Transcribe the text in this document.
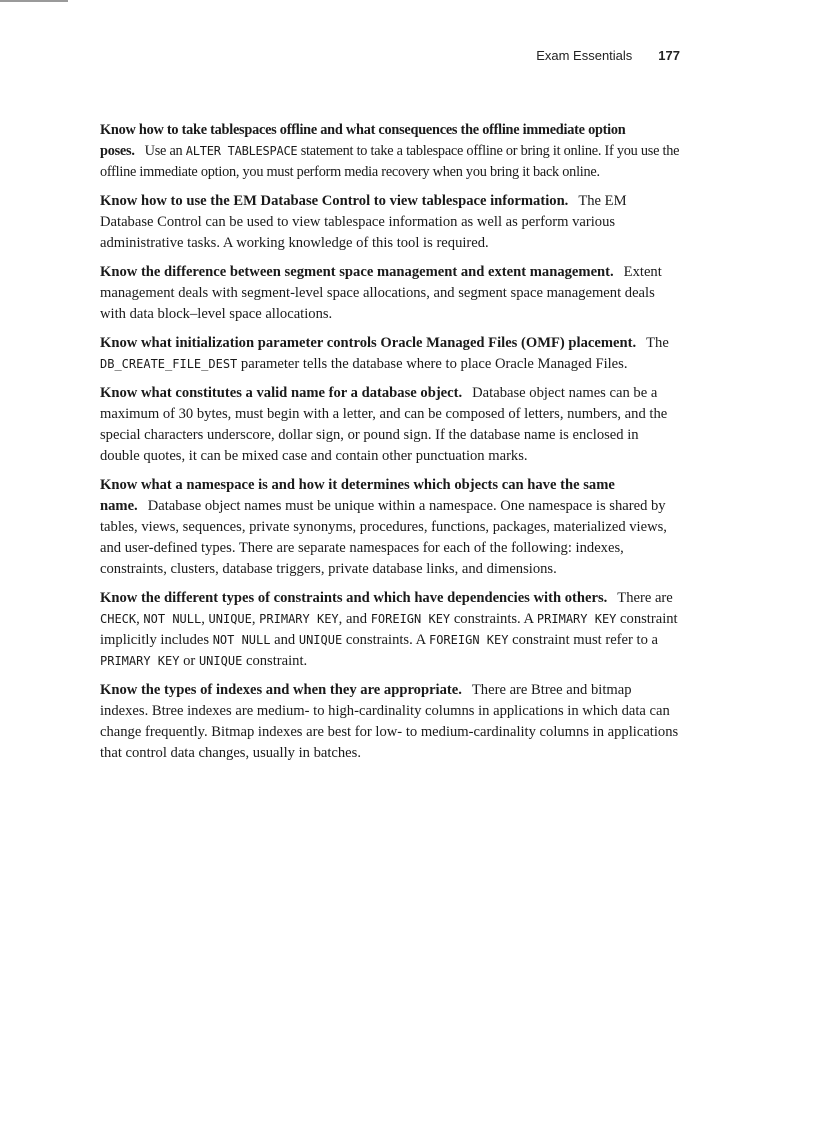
Exam Essentials 177

Know how to take tablespaces offline and what consequences the offline immediate option poses. Use an ALTER TABLESPACE statement to take a tablespace offline or bring it online. If you use the offline immediate option, you must perform media recovery when you bring it back online.

Know how to use the EM Database Control to view tablespace information. The EM Database Control can be used to view tablespace information as well as perform various administrative tasks. A working knowledge of this tool is required.

Know the difference between segment space management and extent management. Extent management deals with segment-level space allocations, and segment space management deals with data block–level space allocations.

Know what initialization parameter controls Oracle Managed Files (OMF) placement. The DB_CREATE_FILE_DEST parameter tells the database where to place Oracle Managed Files.

Know what constitutes a valid name for a database object. Database object names can be a maximum of 30 bytes, must begin with a letter, and can be composed of letters, numbers, and the special characters underscore, dollar sign, or pound sign. If the database name is enclosed in double quotes, it can be mixed case and contain other punctuation marks.

Know what a namespace is and how it determines which objects can have the same name. Database object names must be unique within a namespace. One namespace is shared by tables, views, sequences, private synonyms, procedures, functions, packages, materialized views, and user-defined types. There are separate namespaces for each of the following: indexes, constraints, clusters, database triggers, private database links, and dimensions.

Know the different types of constraints and which have dependencies with others. There are CHECK, NOT NULL, UNIQUE, PRIMARY KEY, and FOREIGN KEY constraints. A PRIMARY KEY constraint implicitly includes NOT NULL and UNIQUE constraints. A FOREIGN KEY constraint must refer to a PRIMARY KEY or UNIQUE constraint.

Know the types of indexes and when they are appropriate. There are Btree and bitmap indexes. Btree indexes are medium- to high-cardinality columns in applications in which data can change frequently. Bitmap indexes are best for low- to medium-cardinality columns in applications that control data changes, usually in batches.
